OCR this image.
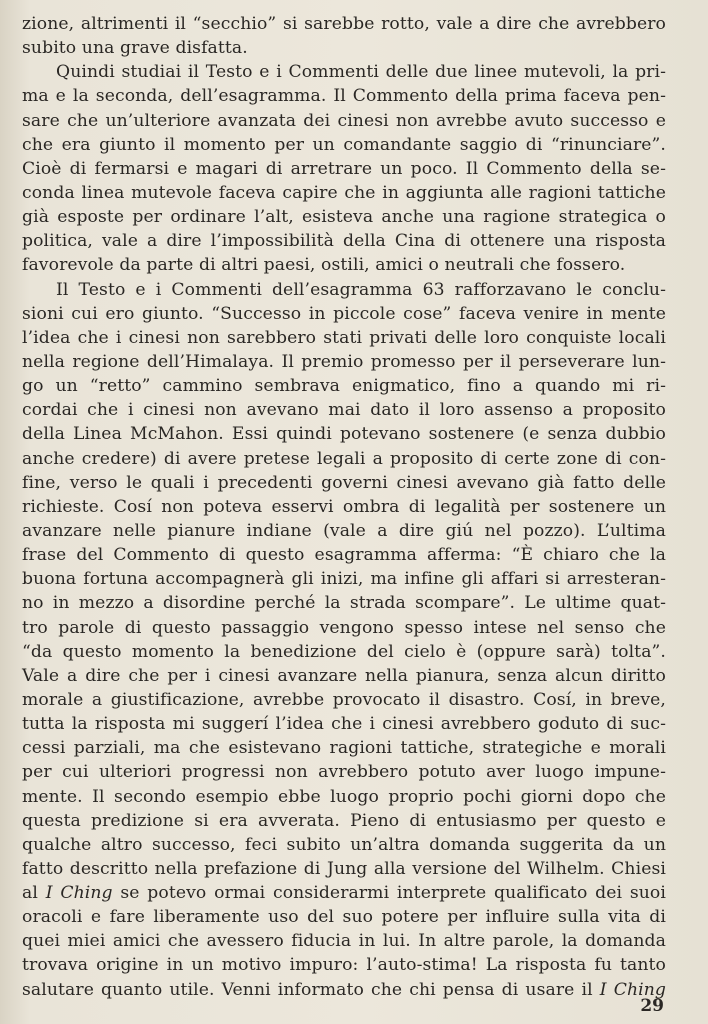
zione, altrimenti il “secchio” si sarebbe rotto, vale a dire che avrebbero
subito una grave disfatta.
Quindi studiai il Testo e i Commenti delle due linee mutevoli, la pri-
ma e la seconda, dell’esagramma. Il Commento della prima faceva pen-
sare che un’ulteriore avanzata dei cinesi non avrebbe avuto successo e
che era giunto il momento per un comandante saggio di “rinunciare”.
Cioè di fermarsi e magari di arretrare un poco. Il Commento della se-
conda linea mutevole faceva capire che in aggiunta alle ragioni tattiche
già esposte per ordinare l’alt, esisteva anche una ragione strategica o
politica, vale a dire l’impossibilità della Cina di ottenere una risposta
favorevole da parte di altri paesi, ostili, amici o neutrali che fossero.
Il Testo e i Commenti dell’esagramma 63 rafforzavano le conclu-
sioni cui ero giunto. “Successo in piccole cose” faceva venire in mente
l’idea che i cinesi non sarebbero stati privati delle loro conquiste locali
nella regione dell’Himalaya. Il premio promesso per il perseverare lun-
go un “retto” cammino sembrava enigmatico, fino a quando mi ri-
cordai che i cinesi non avevano mai dato il loro assenso a proposito
della Linea McMahon. Essi quindi potevano sostenere (e senza dubbio
anche credere) di avere pretese legali a proposito di certe zone di con-
fine, verso le quali i precedenti governi cinesi avevano già fatto delle
richieste. Cosí non poteva esservi ombra di legalità per sostenere un
avanzare nelle pianure indiane (vale a dire giú nel pozzo). L’ultima
frase del Commento di questo esagramma afferma: “È chiaro che la
buona fortuna accompagnerà gli inizi, ma infine gli affari si arresteran-
no in mezzo a disordine perché la strada scompare”. Le ultime quat-
tro parole di questo passaggio vengono spesso intese nel senso che
“da questo momento la benedizione del cielo è (oppure sarà) tolta”.
Vale a dire che per i cinesi avanzare nella pianura, senza alcun diritto
morale a giustificazione, avrebbe provocato il disastro. Cosí, in breve,
tutta la risposta mi suggerí l’idea che i cinesi avrebbero goduto di suc-
cessi parziali, ma che esistevano ragioni tattiche, strategiche e morali
per cui ulteriori progressi non avrebbero potuto aver luogo impune-
mente. Il secondo esempio ebbe luogo proprio pochi giorni dopo che
questa predizione si era avverata. Pieno di entusiasmo per questo e
qualche altro successo, feci subito un’altra domanda suggerita da un
fatto descritto nella prefazione di Jung alla versione del Wilhelm. Chiesi
al I Ching se potevo ormai considerarmi interprete qualificato dei suoi
oracoli e fare liberamente uso del suo potere per influire sulla vita di
quei miei amici che avessero fiducia in lui. In altre parole, la domanda
trovava origine in un motivo impuro: l’auto-stima! La risposta fu tanto
salutare quanto utile. Venni informato che chi pensa di usare il I Ching
29
